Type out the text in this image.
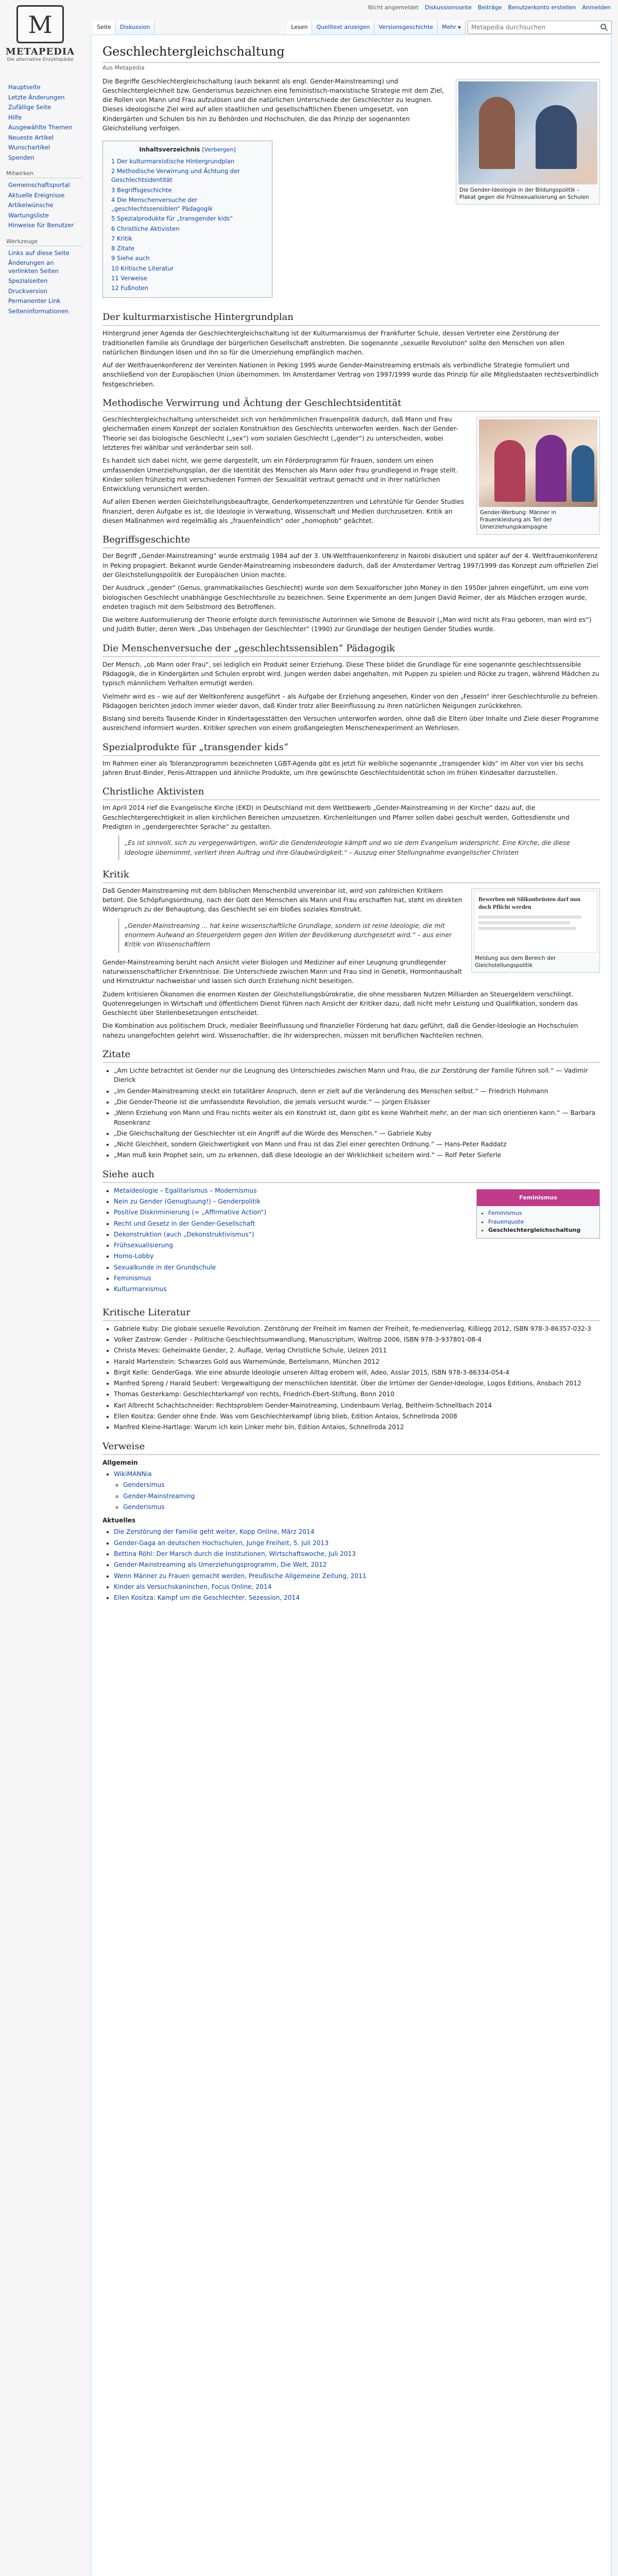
M
METAPEDIA
Die alternative Enzyklopädie
Nicht angemeldet Diskussionsseite Beiträge Benutzerkonto erstellen Anmelden
Seite	Diskussion	Lesen	Quelltext anzeigen	Versionsgeschichte	Mehr ▼
Metapedia durchsuchen
Hauptseite
Letzte Änderungen
Zufällige Seite
Hilfe
Ausgewählte Themen
Neueste Artikel
Wunschartikel
Spenden
Mitwirken
Gemeinschaftsportal
Aktuelle Ereignisse
Artikelwünsche
Wartungsliste
Hinweise für Benutzer
Werkzeuge
Links auf diese Seite
Änderungen an verlinkten Seiten
Spezialseiten
Druckversion
Permanenter Link
Seiteninformationen
Geschlechtergleichschaltung
Aus Metapedia
Die Gender-Ideologie in der Bildungspolitik – Plakat gegen die Frühsexualisierung an Schulen

Die Begriffe Geschlechtergleichschaltung (auch bekannt als engl. Gender-Mainstreaming) und Geschlechtergleichheit bzw. Genderismus bezeichnen eine feministisch-marxistische Strategie mit dem Ziel, die Rollen von Mann und Frau aufzulösen und die natürlichen Unterschiede der Geschlechter zu leugnen. Dieses ideologische Ziel wird auf allen staatlichen und gesellschaftlichen Ebenen umgesetzt, von Kindergärten und Schulen bis hin zu Behörden und Hochschulen, die das Prinzip der sogenannten Gleichstellung verfolgen.

Inhaltsverzeichnis [Verbergen]
1 Der kulturmarxistische Hintergrundplan
2 Methodische Verwirrung und Ächtung der Geschlechtsidentität
3 Begriffsgeschichte
4 Die Menschenversuche der „geschlechtssensiblen“ Pädagogik
5 Spezialprodukte für „transgender kids“
6 Christliche Aktivisten
7 Kritik
8 Zitate
9 Siehe auch
10 Kritische Literatur
11 Verweise
12 Fußnoten
Der kulturmarxistische Hintergrundplan

Hintergrund jener Agenda der Geschlechtergleichschaltung ist der Kulturmarxismus der Frankfurter Schule, dessen Vertreter eine Zerstörung der traditionellen Familie als Grundlage der bürgerlichen Gesellschaft anstrebten. Die sogenannte „sexuelle Revolution“ sollte den Menschen von allen natürlichen Bindungen lösen und ihn so für die Umerziehung empfänglich machen.

Auf der Weltfrauenkonferenz der Vereinten Nationen in Peking 1995 wurde Gender-Mainstreaming erstmals als verbindliche Strategie formuliert und anschließend von der Europäischen Union übernommen. Im Amsterdamer Vertrag von 1997/1999 wurde das Prinzip für alle Mitgliedstaaten rechtsverbindlich festgeschrieben.

Methodische Verwirrung und Ächtung der Geschlechtsidentität
Gender-Werbung: Männer in Frauenkleidung als Teil der Umerziehungskampagne

Geschlechtergleichschaltung unterscheidet sich von herkömmlichen Frauenpolitik dadurch, daß Mann und Frau gleichermaßen einem Konzept der sozialen Konstruktion des Geschlechts unterworfen werden. Nach der Gender-Theorie sei das biologische Geschlecht („sex“) vom sozialen Geschlecht („gender“) zu unterscheiden, wobei letzteres frei wählbar und veränderbar sein soll.

Es handelt sich dabei nicht, wie gerne dargestellt, um ein Förderprogramm für Frauen, sondern um einen umfassenden Umerziehungsplan, der die Identität des Menschen als Mann oder Frau grundlegend in Frage stellt. Kinder sollen frühzeitig mit verschiedenen Formen der Sexualität vertraut gemacht und in ihrer natürlichen Entwicklung verunsichert werden.

Auf allen Ebenen werden Gleichstellungsbeauftragte, Genderkompetenzzentren und Lehrstühle für Gender Studies finanziert, deren Aufgabe es ist, die Ideologie in Verwaltung, Wissenschaft und Medien durchzusetzen. Kritik an diesen Maßnahmen wird regelmäßig als „frauenfeindlich“ oder „homophob“ geächtet.

Begriffsgeschichte

Der Begriff „Gender-Mainstreaming“ wurde erstmalig 1984 auf der 3. UN-Weltfrauenkonferenz in Nairobi diskutiert und später auf der 4. Weltfrauenkonferenz in Peking propagiert. Bekannt wurde Gender-Mainstreaming insbesondere dadurch, daß der Amsterdamer Vertrag 1997/1999 das Konzept zum offiziellen Ziel der Gleichstellungspolitik der Europäischen Union machte.

Der Ausdruck „gender“ (Genus, grammatikalisches Geschlecht) wurde von dem Sexualforscher John Money in den 1950er Jahren eingeführt, um eine vom biologischen Geschlecht unabhängige Geschlechtsrolle zu bezeichnen. Seine Experimente an dem Jungen David Reimer, der als Mädchen erzogen wurde, endeten tragisch mit dem Selbstmord des Betroffenen.

Die weitere Ausformulierung der Theorie erfolgte durch feministische Autorinnen wie Simone de Beauvoir („Man wird nicht als Frau geboren, man wird es“) und Judith Butler, deren Werk „Das Unbehagen der Geschlechter“ (1990) zur Grundlage der heutigen Gender Studies wurde.

Die Menschenversuche der „geschlechtssensiblen“ Pädagogik

Der Mensch, „ob Mann oder Frau“, sei lediglich ein Produkt seiner Erziehung. Diese These bildet die Grundlage für eine sogenannte geschlechtssensible Pädagogik, die in Kindergärten und Schulen erprobt wird. Jungen werden dabei angehalten, mit Puppen zu spielen und Röcke zu tragen, während Mädchen zu typisch männlichem Verhalten ermutigt werden.

Vielmehr wird es – wie auf der Weltkonferenz ausgeführt – als Aufgabe der Erziehung angesehen, Kinder von den „Fesseln“ ihrer Geschlechtsrolle zu befreien. Pädagogen berichten jedoch immer wieder davon, daß Kinder trotz aller Beeinflussung zu ihren natürlichen Neigungen zurückkehren.

Bislang sind bereits Tausende Kinder in Kindertagesstätten den Versuchen unterworfen worden, ohne daß die Eltern über Inhalte und Ziele dieser Programme ausreichend informiert wurden. Kritiker sprechen von einem großangelegten Menschenexperiment an Wehrlosen.

Spezialprodukte für „transgender kids“

Im Rahmen einer als Toleranzprogramm bezeichneten LGBT-Agenda gibt es jetzt für weibliche sogenannte „transgender kids“ im Alter von vier bis sechs Jahren Brust-Binder, Penis-Attrappen und ähnliche Produkte, um ihre gewünschte Geschlechtsidentität schon im frühen Kindesalter darzustellen.

Christliche Aktivisten

Im April 2014 rief die Evangelische Kirche (EKD) in Deutschland mit dem Wettbewerb „Gender-Mainstreaming in der Kirche“ dazu auf, die Geschlechtergerechtigkeit in allen kirchlichen Bereichen umzusetzen. Kirchenleitungen und Pfarrer sollen dabei geschult werden, Gottesdienste und Predigten in „gendergerechter Sprache“ zu gestalten.

„Es ist sinnvoll, sich zu vergegenwärtigen, wofür die Genderideologie kämpft und wo sie dem Evangelium widerspricht. Eine Kirche, die diese Ideologie übernimmt, verliert ihren Auftrag und ihre Glaubwürdigkeit.“ – Auszug einer Stellungnahme evangelischer Christen
Kritik
Bewerben mit Silikonbrüsten darf nun doch Pflicht werden
Meldung aus dem Bereich der Gleichstellungspolitik

Daß Gender-Mainstreaming mit dem biblischen Menschenbild unvereinbar ist, wird von zahlreichen Kritikern betont. Die Schöpfungsordnung, nach der Gott den Menschen als Mann und Frau erschaffen hat, steht im direkten Widerspruch zu der Behauptung, das Geschlecht sei ein bloßes soziales Konstrukt.

„Gender-Mainstreaming ... hat keine wissenschaftliche Grundlage, sondern ist reine Ideologie, die mit enormem Aufwand an Steuergeldern gegen den Willen der Bevölkerung durchgesetzt wird.“ – aus einer Kritik von Wissenschaftlern

Gender-Mainstreaming beruht nach Ansicht vieler Biologen und Mediziner auf einer Leugnung grundlegender naturwissenschaftlicher Erkenntnisse. Die Unterschiede zwischen Mann und Frau sind in Genetik, Hormonhaushalt und Hirnstruktur nachweisbar und lassen sich durch Erziehung nicht beseitigen.

Zudem kritisieren Ökonomen die enormen Kosten der Gleichstellungsbürokratie, die ohne messbaren Nutzen Milliarden an Steuergeldern verschlingt. Quotenregelungen in Wirtschaft und öffentlichem Dienst führen nach Ansicht der Kritiker dazu, daß nicht mehr Leistung und Qualifikation, sondern das Geschlecht über Stellenbesetzungen entscheidet.

Die Kombination aus politischem Druck, medialer Beeinflussung und finanzieller Förderung hat dazu geführt, daß die Gender-Ideologie an Hochschulen nahezu unangefochten gelehrt wird. Wissenschaftler, die ihr widersprechen, müssen mit beruflichen Nachteilen rechnen.

Zitate
• „Am Lichte betrachtet ist Gender nur die Leugnung des Unterschiedes zwischen Mann und Frau, die zur Zerstörung der Familie führen soll.“ — Vadimir Dierick
• „Im Gender-Mainstreaming steckt ein totalitärer Anspruch, denn er zielt auf die Veränderung des Menschen selbst.“ — Friedrich Hohmann
• „Die Gender-Theorie ist die umfassendste Revolution, die jemals versucht wurde.“ — Jürgen Elsässer
• „Wenn Erziehung von Mann und Frau nichts weiter als ein Konstrukt ist, dann gibt es keine Wahrheit mehr, an der man sich orientieren kann.“ — Barbara Rosenkranz
• „Die Gleichschaltung der Geschlechter ist ein Angriff auf die Würde des Menschen.“ — Gabriele Kuby
• „Nicht Gleichheit, sondern Gleichwertigkeit von Mann und Frau ist das Ziel einer gerechten Ordnung.“ — Hans-Peter Raddatz
• „Man muß kein Prophet sein, um zu erkennen, daß diese Ideologie an der Wirklichkeit scheitern wird.“ — Rolf Peter Sieferle
Siehe auch
Feminismus
• Feminismus
• Frauenquote
• Geschlechtergleichschaltung
• Metaideologie – Egalitarismus – Modernismus
• Nein zu Gender (Genugtuung!) – Genderpolitik
• Positive Diskriminierung (= „Affirmative Action“)
• Recht und Gesetz in der Gender-Gesellschaft
• Dekonstruktion (auch „Dekonstruktivismus“)
• Frühsexualisierung
• Homo-Lobby
• Sexualkunde in der Grundschule
• Feminismus
• Kulturmarxismus
Kritische Literatur
• Gabriele Kuby: Die globale sexuelle Revolution. Zerstörung der Freiheit im Namen der Freiheit, fe-medienverlag, Kißlegg 2012, ISBN 978-3-86357-032-3
• Volker Zastrow: Gender – Politische Geschlechtsumwandlung, Manuscriptum, Waltrop 2006, ISBN 978-3-937801-08-4
• Christa Meves: Geheimakte Gender, 2. Auflage, Verlag Christliche Schule, Uelzen 2011
• Harald Martenstein: Schwarzes Gold aus Warnemünde, Bertelsmann, München 2012
• Birgit Kelle: GenderGaga. Wie eine absurde Ideologie unseren Alltag erobern will, Adeo, Asslar 2015, ISBN 978-3-86334-054-4
• Manfred Spreng / Harald Seubert: Vergewaltigung der menschlichen Identität. Über die Irrtümer der Gender-Ideologie, Logos Editions, Ansbach 2012
• Thomas Gesterkamp: Geschlechterkampf von rechts, Friedrich-Ebert-Stiftung, Bonn 2010
• Karl Albrecht Schachtschneider: Rechtsproblem Gender-Mainstreaming, Lindenbaum Verlag, Beltheim-Schnellbach 2014
• Ellen Kositza: Gender ohne Ende. Was vom Geschlechterkampf übrig blieb, Edition Antaios, Schnellroda 2008
• Manfred Kleine-Hartlage: Warum ich kein Linker mehr bin, Edition Antaios, Schnellroda 2012
Verweise
Allgemein
• WikiMANNia
◦ Gendersimus
◦ Gender-Mainstreaming
◦ Genderismus
Aktuelles
• Die Zerstörung der Familie geht weiter, Kopp Online, März 2014
• Gender-Gaga an deutschen Hochschulen, Junge Freiheit, 5. Juli 2013
• Bettina Röhl: Der Marsch durch die Institutionen, Wirtschaftswoche, Juli 2013
• Gender-Mainstreaming als Umerziehungsprogramm, Die Welt, 2012
• Wenn Männer zu Frauen gemacht werden, Preußische Allgemeine Zeitung, 2011
• Kinder als Versuchskaninchen, Focus Online, 2014
• Ellen Kositza: Kampf um die Geschlechter, Sezession, 2014
